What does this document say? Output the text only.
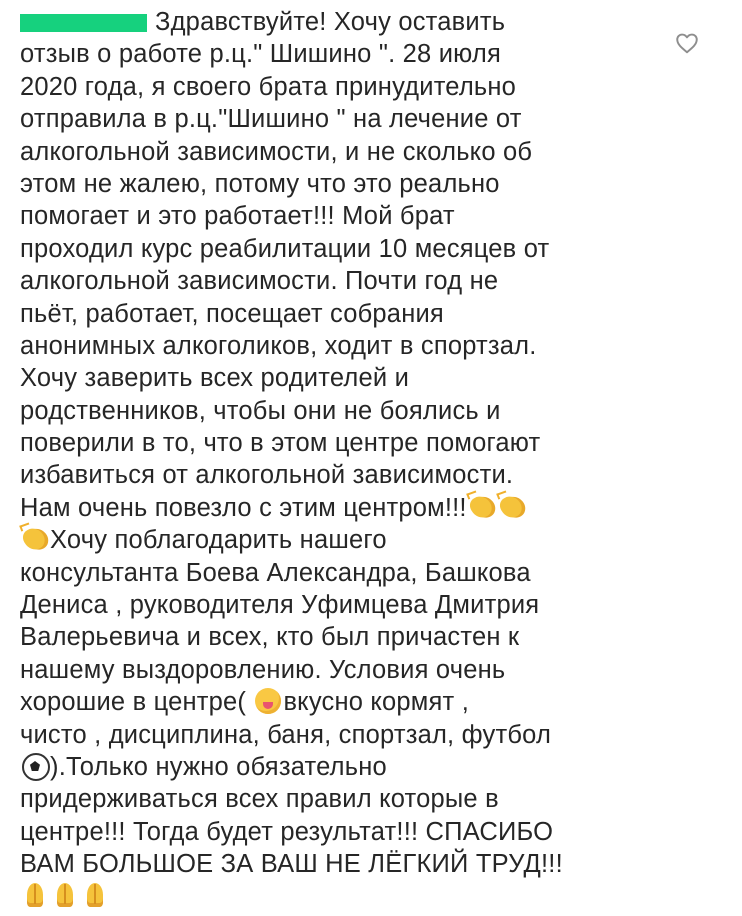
Здравствуйте! Хочу оставить
отзыв о работе р.ц." Шишино ". 28 июля
2020 года, я своего брата принудительно
отправила в р.ц."Шишино " на лечение от
алкогольной зависимости, и не сколько об
этом не жалею, потому что это реально
помогает и это работает!!! Мой брат
проходил курс реабилитации 10 месяцев от
алкогольной зависимости. Почти год не
пьёт, работает, посещает собрания
анонимных алкоголиков, ходит в спортзал.
Хочу заверить всех родителей и
родственников, чтобы они не боялись и
поверили в то, что в этом центре помогают
избавиться от алкогольной зависимости.
Нам очень повезло с этим центром!!!
Хочу поблагодарить нашего
консультанта Боева Александра, Башкова
Дениса , руководителя Уфимцева Дмитрия
Валерьевича и всех, кто был причастен к
нашему выздоровлению. Условия очень
хорошие в центре( вкусно кормят ,
чисто , дисциплина, баня, спортзал, футбол
).Только нужно обязательно
придерживаться всех правил которые в
центре!!! Тогда будет результат!!! СПАСИБО
ВАМ БОЛЬШОЕ ЗА ВАШ НЕ ЛЁГКИЙ ТРУД!!!
